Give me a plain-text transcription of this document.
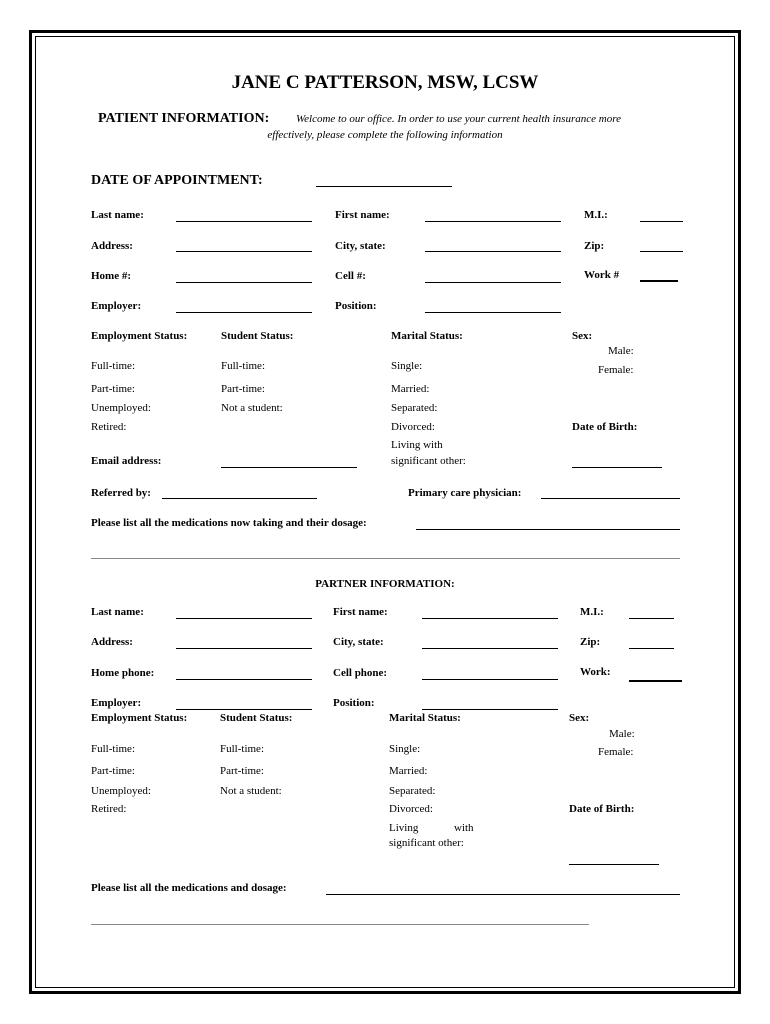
JANE C PATTERSON, MSW, LCSW
PATIENT INFORMATION: Welcome to our office. In order to use your current health insurance more
effectively, please complete the following information
DATE OF APPOINTMENT:
Last name:	First name:	M.I.:
Address:	City, state:	Zip:
Home #:	Cell #:	Work #
Employer:	Position:
Employment Status:	Student Status:	Marital Status:	Sex:
Male:
Female:
Full-time:	Full-time:	Single:
Part-time:	Part-time:	Married:
Unemployed:	Not a student:	Separated:
Retired:	Divorced:	Date of Birth:
Living with
significant other:
Email address:
Referred by:	Primary care physician:
Please list all the medications now taking and their dosage:
PARTNER INFORMATION:
Last name:	First name:	M.I.:
Address:	City, state:	Zip:
Home phone:	Cell phone:	Work:
Employer:	Position:
Employment Status:	Student Status:	Marital Status:	Sex:
Male:
Female:
Full-time:	Full-time:	Single:
Part-time:	Part-time:	Married:
Unemployed:	Not a student:	Separated:
Retired:	Divorced:	Date of Birth:
Living	with
significant other:
Please list all the medications and dosage:
